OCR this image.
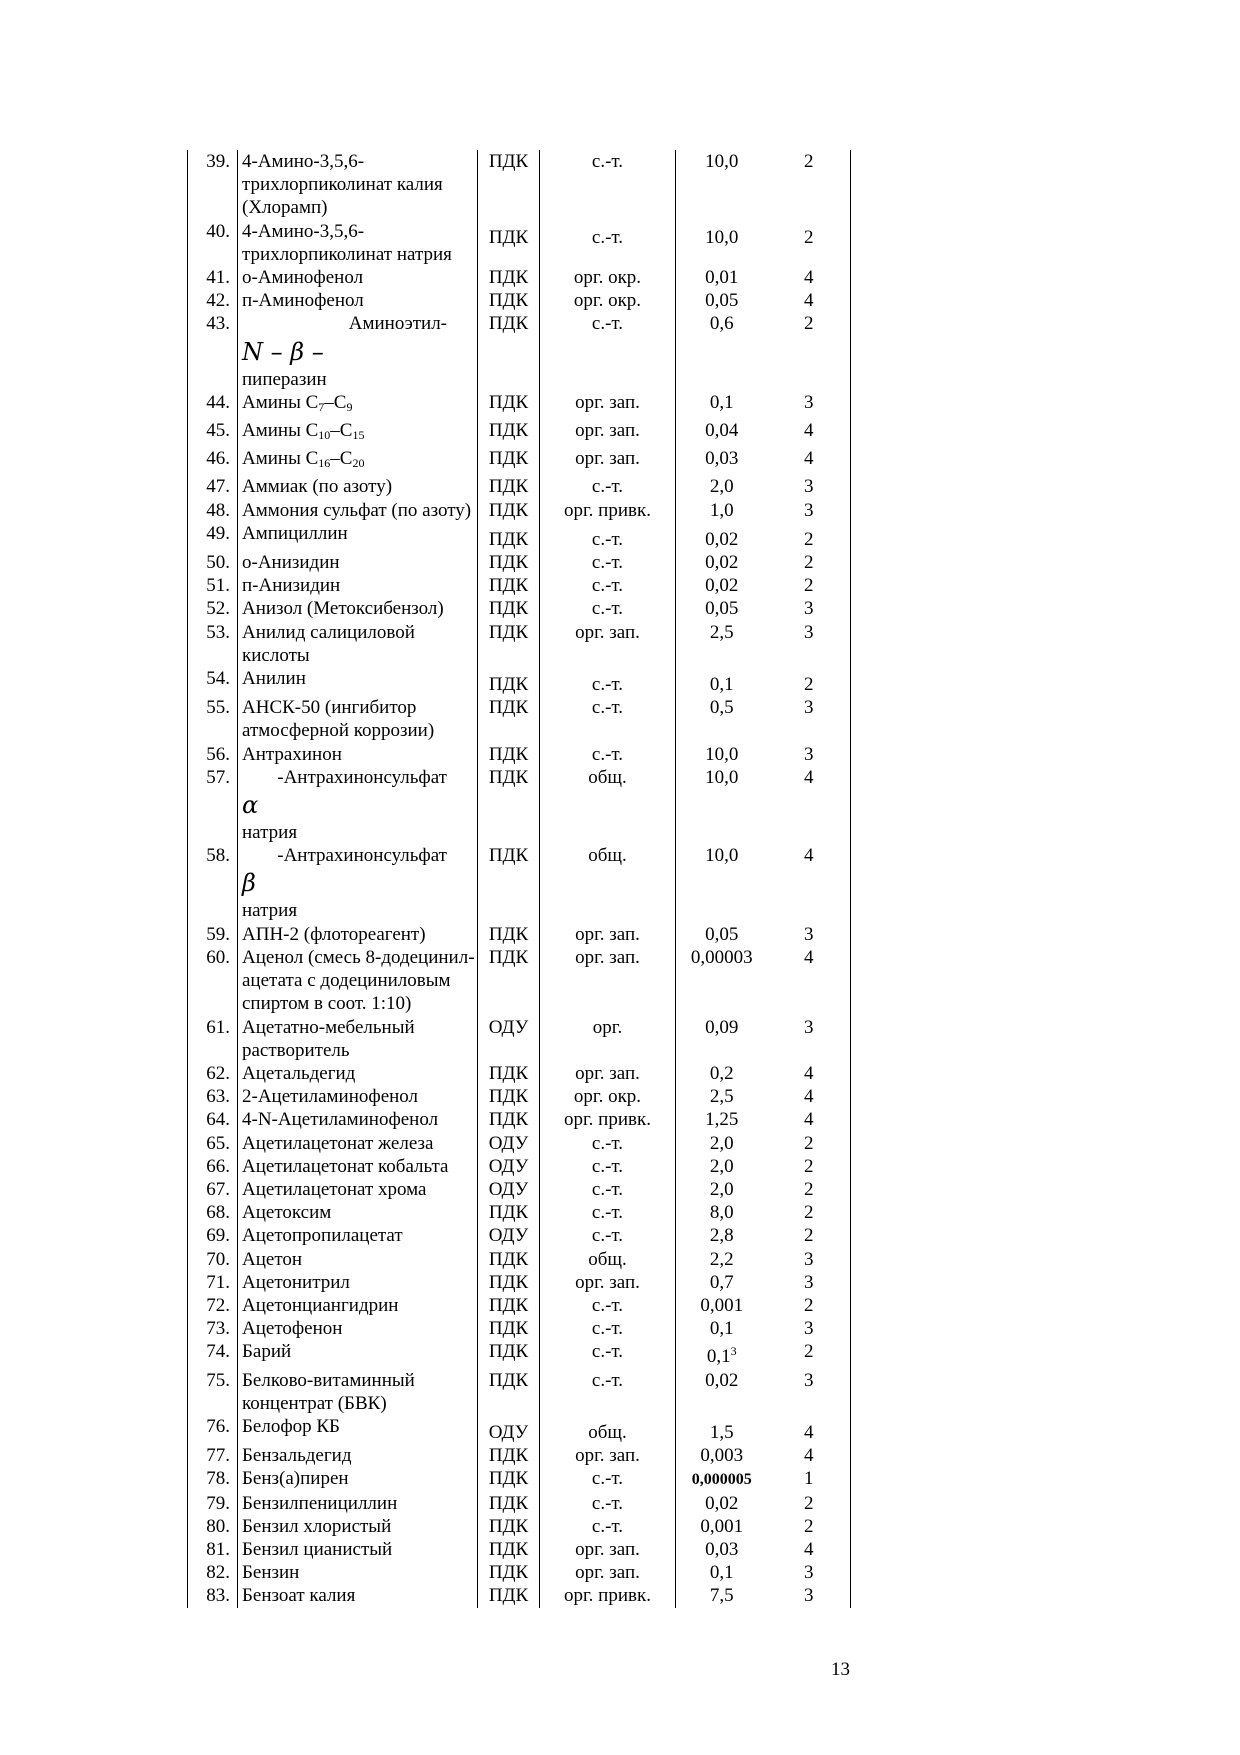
39.	4-Амино-3,5,6-трихлорпиколинат калия (Хлорамп)	ПДК	с.-т.	10,0	2
40.	4-Амино-3,5,6-трихлорпиколинат натрия	ПДК	с.-т.	10,0	2
41.	о-Аминофенол	ПДК	орг. окр.	0,01	4
42.	п-Аминофенол	ПДК	орг. окр.	0,05	4
43.	Аминоэтил-
N – β –
пиперазин	ПДК	с.-т.	0,6	2
44.	Амины $C_7-C_9$	ПДК	орг. зап.	0,1	3
45.	Амины $C_{10}-C_{15}$	ПДК	орг. зап.	0,04	4
46.	Амины $C_{16}-C_{20}$	ПДК	орг. зап.	0,03	4
47.	Аммиак (по азоту)	ПДК	с.-т.	2,0	3
48.	Аммония сульфат (по азоту)	ПДК	орг. привк.	1,0	3
49.	Ампициллин	ПДК	с.-т.	0,02	2
50.	о-Анизидин	ПДК	с.-т.	0,02	2
51.	п-Анизидин	ПДК	с.-т.	0,02	2
52.	Анизол (Метоксибензол)	ПДК	с.-т.	0,05	3
53.	Анилид салициловой кислоты	ПДК	орг. зап.	2,5	3
54.	Анилин	ПДК	с.-т.	0,1	2
55.	АНСК-50 (ингибитор атмосферной коррозии)	ПДК	с.-т.	0,5	3
56.	Антрахинон	ПДК	с.-т.	10,0	3
57.	-Антрахинонсульфат
α
натрия	ПДК	общ.	10,0	4
58.	-Антрахинонсульфат
β
натрия	ПДК	общ.	10,0	4
59.	АПН-2 (флотореагент)	ПДК	орг. зап.	0,05	3
60.	Аценол (смесь 8-додецинил-ацетата с додециниловым спиртом в соот. 1:10)	ПДК	орг. зап.	0,00003	4
61.	Ацетатно-мебельный растворитель	ОДУ	орг.	0,09	3
62.	Ацетальдегид	ПДК	орг. зап.	0,2	4
63.	2-Ацетиламинофенол	ПДК	орг. окр.	2,5	4
64.	4-N-Ацетиламинофенол	ПДК	орг. привк.	1,25	4
65.	Ацетилацетонат железа	ОДУ	с.-т.	2,0	2
66.	Ацетилацетонат кобальта	ОДУ	с.-т.	2,0	2
67.	Ацетилацетонат хрома	ОДУ	с.-т.	2,0	2
68.	Ацетоксим	ПДК	с.-т.	8,0	2
69.	Ацетопропилацетат	ОДУ	с.-т.	2,8	2
70.	Ацетон	ПДК	общ.	2,2	3
71.	Ацетонитрил	ПДК	орг. зап.	0,7	3
72.	Ацетонциангидрин	ПДК	с.-т.	0,001	2
73.	Ацетофенон	ПДК	с.-т.	0,1	3
74.	Барий	ПДК	с.-т.	$0,1^3$	2
75.	Белково-витаминный концентрат (БВК)	ПДК	с.-т.	0,02	3
76.	Белофор КБ	ОДУ	общ.	1,5	4
77.	Бензальдегид	ПДК	орг. зап.	0,003	4
78.	Бенз(а)пирен	ПДК	с.-т.	0,000005	1
79.	Бензилпенициллин	ПДК	с.-т.	0,02	2
80.	Бензил хлористый	ПДК	с.-т.	0,001	2
81.	Бензил цианистый	ПДК	орг. зап.	0,03	4
82.	Бензин	ПДК	орг. зап.	0,1	3
83.	Бензоат калия	ПДК	орг. привк.	7,5	3
13
